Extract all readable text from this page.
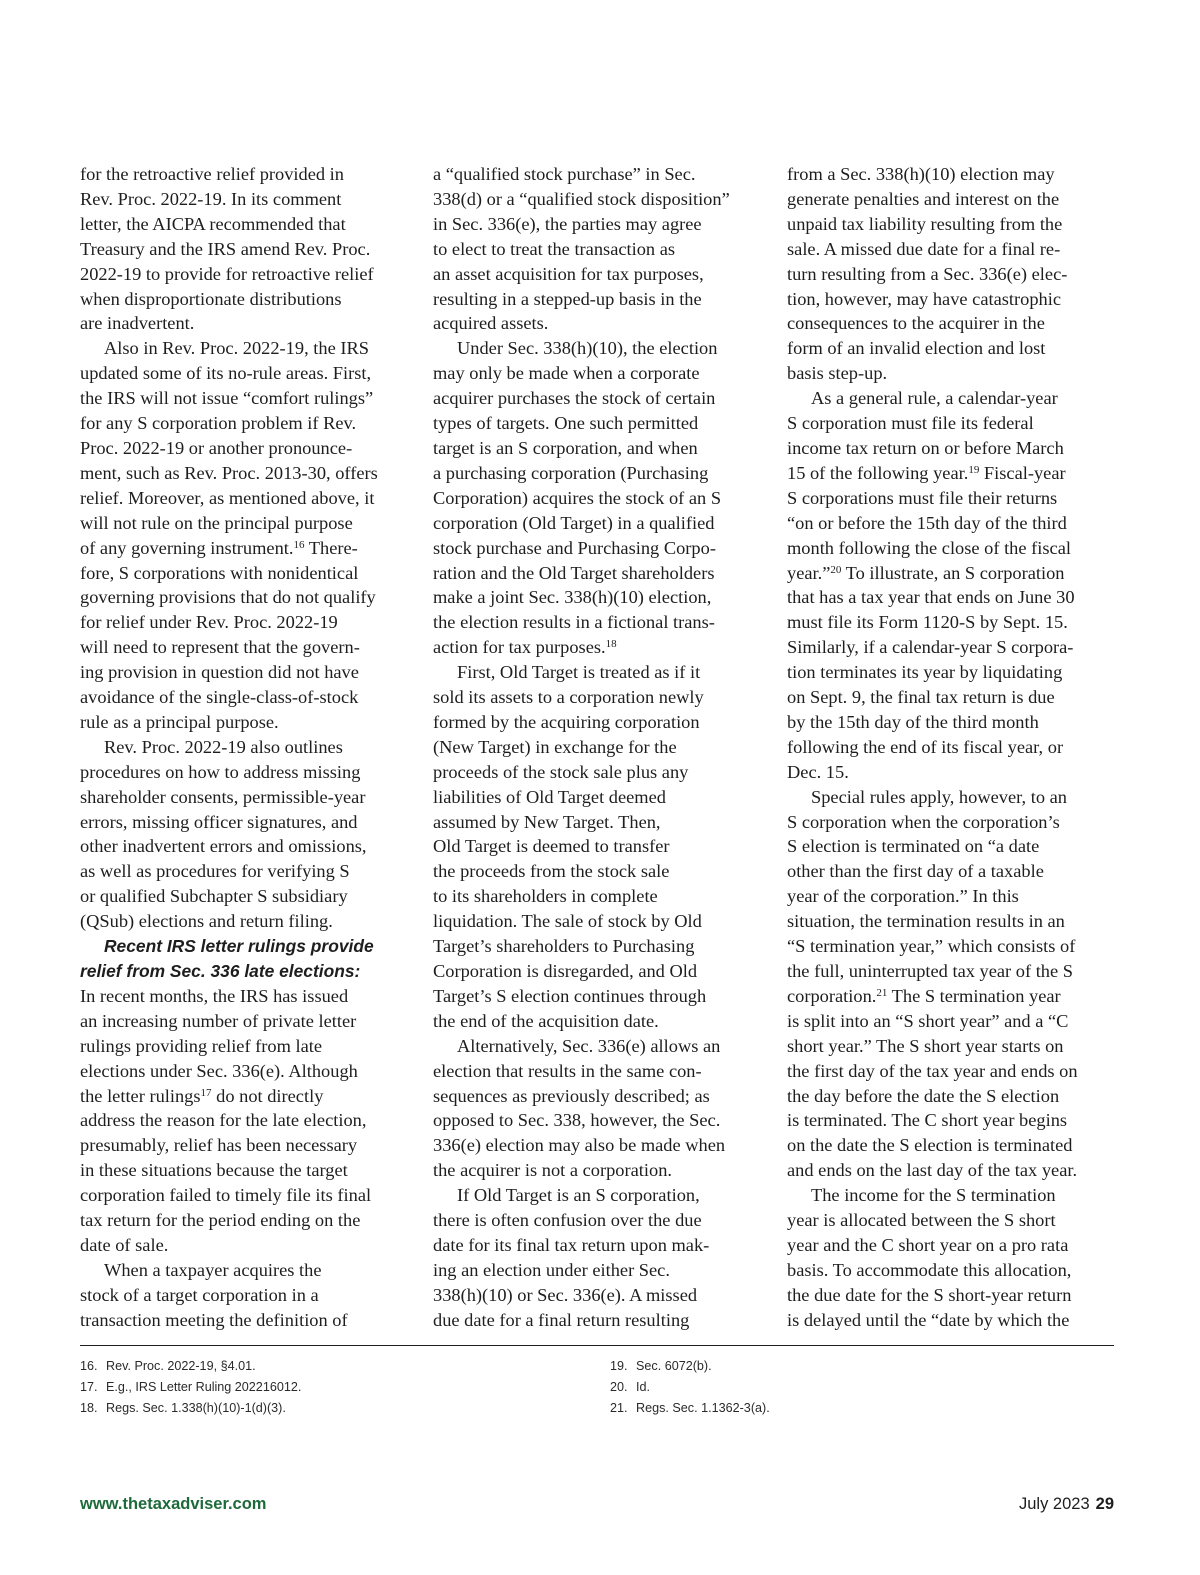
for the retroactive relief provided in
Rev. Proc. 2022-19. In its comment
letter, the AICPA recommended that
Treasury and the IRS amend Rev. Proc.
2022-19 to provide for retroactive relief
when disproportionate distributions
are inadvertent.
Also in Rev. Proc. 2022-19, the IRS
updated some of its no-rule areas. First,
the IRS will not issue “comfort rulings”
for any S corporation problem if Rev.
Proc. 2022-19 or another pronounce-
ment, such as Rev. Proc. 2013-30, offers
relief. Moreover, as mentioned above, it
will not rule on the principal purpose
of any governing instrument.$^{16}$ There-
fore, S corporations with nonidentical
governing provisions that do not qualify
for relief under Rev. Proc. 2022-19
will need to represent that the govern-
ing provision in question did not have
avoidance of the single-class-of-stock
rule as a principal purpose.
Rev. Proc. 2022-19 also outlines
procedures on how to address missing
shareholder consents, permissible-year
errors, missing officer signatures, and
other inadvertent errors and omissions,
as well as procedures for verifying S
or qualified Subchapter S subsidiary
(QSub) elections and return filing.
Recent IRS letter rulings provide
relief from Sec. 336 late elections:
In recent months, the IRS has issued
an increasing number of private letter
rulings providing relief from late
elections under Sec. 336(e). Although
the letter rulings$^{17}$ do not directly
address the reason for the late election,
presumably, relief has been necessary
in these situations because the target
corporation failed to timely file its final
tax return for the period ending on the
date of sale.
When a taxpayer acquires the
stock of a target corporation in a
transaction meeting the definition of
a “qualified stock purchase” in Sec.
338(d) or a “qualified stock disposition”
in Sec. 336(e), the parties may agree
to elect to treat the transaction as
an asset acquisition for tax purposes,
resulting in a stepped-up basis in the
acquired assets.
Under Sec. 338(h)(10), the election
may only be made when a corporate
acquirer purchases the stock of certain
types of targets. One such permitted
target is an S corporation, and when
a purchasing corporation (Purchasing
Corporation) acquires the stock of an S
corporation (Old Target) in a qualified
stock purchase and Purchasing Corpo-
ration and the Old Target shareholders
make a joint Sec. 338(h)(10) election,
the election results in a fictional trans-
action for tax purposes.$^{18}$
First, Old Target is treated as if it
sold its assets to a corporation newly
formed by the acquiring corporation
(New Target) in exchange for the
proceeds of the stock sale plus any
liabilities of Old Target deemed
assumed by New Target. Then,
Old Target is deemed to transfer
the proceeds from the stock sale
to its shareholders in complete
liquidation. The sale of stock by Old
Target’s shareholders to Purchasing
Corporation is disregarded, and Old
Target’s S election continues through
the end of the acquisition date.
Alternatively, Sec. 336(e) allows an
election that results in the same con-
sequences as previously described; as
opposed to Sec. 338, however, the Sec.
336(e) election may also be made when
the acquirer is not a corporation.
If Old Target is an S corporation,
there is often confusion over the due
date for its final tax return upon mak-
ing an election under either Sec.
338(h)(10) or Sec. 336(e). A missed
due date for a final return resulting
from a Sec. 338(h)(10) election may
generate penalties and interest on the
unpaid tax liability resulting from the
sale. A missed due date for a final re-
turn resulting from a Sec. 336(e) elec-
tion, however, may have catastrophic
consequences to the acquirer in the
form of an invalid election and lost
basis step-up.
As a general rule, a calendar-year
S corporation must file its federal
income tax return on or before March
15 of the following year.$^{19}$ Fiscal-year
S corporations must file their returns
“on or before the 15th day of the third
month following the close of the fiscal
year.”$^{20}$ To illustrate, an S corporation
that has a tax year that ends on June 30
must file its Form 1120-S by Sept. 15.
Similarly, if a calendar-year S corpora-
tion terminates its year by liquidating
on Sept. 9, the final tax return is due
by the 15th day of the third month
following the end of its fiscal year, or
Dec. 15.
Special rules apply, however, to an
S corporation when the corporation’s
S election is terminated on “a date
other than the first day of a taxable
year of the corporation.” In this
situation, the termination results in an
“S termination year,” which consists of
the full, uninterrupted tax year of the S
corporation.$^{21}$ The S termination year
is split into an “S short year” and a “C
short year.” The S short year starts on
the first day of the tax year and ends on
the day before the date the S election
is terminated. The C short year begins
on the date the S election is terminated
and ends on the last day of the tax year.
The income for the S termination
year is allocated between the S short
year and the C short year on a pro rata
basis. To accommodate this allocation,
the due date for the S short-year return
is delayed until the “date by which the
16. Rev. Proc. 2022-19, §4.01.
17. E.g., IRS Letter Ruling 202216012.
18. Regs. Sec. 1.338(h)(10)-1(d)(3).
19. Sec. 6072(b).
20. Id.
21. Regs. Sec. 1.1362-3(a).
www.thetaxadviser.com	July 2023 29
